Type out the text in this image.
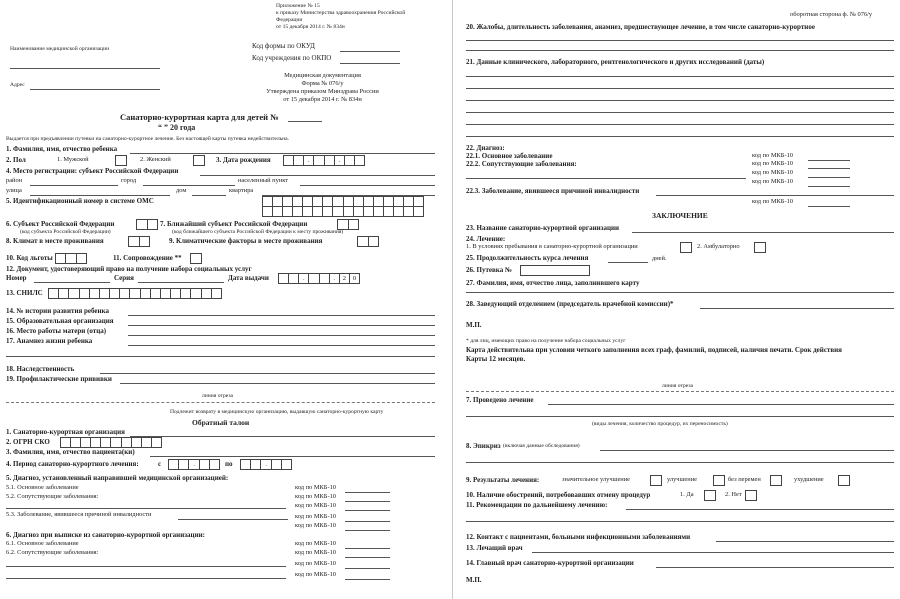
Приложение № 15
к приказу Министерства здравоохранения Российской
Федерации
от 15 декабря 2014 г. № 834н
Наименование медицинской организации
Адрес
Код формы по ОКУД
Код учреждения по ОКПО
Медицинская документация
Форма № 076/у
Утверждена приказом Минздрава России
от 15 декабря 2014 г. № 834н
Санаторно-курортная карта для детей №
“ ” 20 года
Выдается при предъявлении путевки на санаторно-курортное лечение. Без настоящей карты путевка недействительна.
1. Фамилия, имя, отчество ребенка
2. Пол	1. Мужской	2. Женский	3. Дата рождения	.	.
4. Место регистрации: субъект Российской Федерации
район	город	населенный пункт
улица	дом	квартира
5. Идентификационный номер в системе ОМС
6. Субъект Российской Федерации
(код субъекта Российской Федерации)
7. Ближайший субъект Российской Федерации
(код ближайшего субъекта Российской Федерации к месту проживания)
8. Климат в месте проживания	9. Климатические факторы в месте проживания
10. Код льготы	11. Сопровождение **
12. Документ, удостоверяющий право на получение набора социальных услуг
Номер	Серия	Дата выдачи	.	.	2	0
13. СНИЛС
14. № истории развития ребенка
15. Образовательная организация
16. Место работы матери (отца)
17. Анамнез жизни ребенка
18. Наследственность
19. Профилактические прививки
линия отреза
Подлежит возврату в медицинскую организацию, выдавшую санаторно-курортную карту
Обратный талон
1. Санаторно-курортная организация
2. ОГРН СКО
3. Фамилия, имя, отчество пациента(ки)
4. Период санаторно-курортного лечения:	с	.	по	.
5. Диагноз, установленный направившей медицинской организацией:
5.1. Основное заболевание	код по МКБ-10
5.2. Сопутствующие заболевания:	код по МКБ-10
код по МКБ-10
5.3. Заболевание, явившееся причиной инвалидности	код по МКБ-10
код по МКБ-10
6. Диагноз при выписке из санаторно-курортной организации:
6.1. Основное заболевание	код по МКБ-10
6.2. Сопутствующие заболевания:	код по МКБ-10
код по МКБ-10
код по МКБ-10
оборотная сторона ф. № 076/у
20. Жалобы, длительность заболевания, анамнез, предшествующее лечение, в том числе санаторно-курортное
21. Данные клинического, лабораторного, рентгенологического и других исследований (даты)
22. Диагноз:
22.1. Основное заболевание	код по МКБ-10
22.2. Сопутствующие заболевания:	код по МКБ-10
код по МКБ-10
код по МКБ-10
22.3. Заболевание, явившееся причиной инвалидности
код по МКБ-10
ЗАКЛЮЧЕНИЕ
23. Название санаторно-курортной организации
24. Лечение:
1. В условиях пребывания в санаторно-курортной организации	2. Амбулаторно
25. Продолжительность курса лечения	дней.
26. Путевка №
27. Фамилия, имя, отчество лица, заполнившего карту
28. Заведующий отделением (председатель врачебной комиссии)*
М.П.
* для лиц, имеющих право на получение набора социальных услуг
Карта действительна при условии четкого заполнения всех граф, фамилий, подписей, наличия печати. Срок действия
Карты 12 месяцев.
линия отреза
7. Проведено лечение
(виды лечения, количество процедур, их переносимость)
8. Эпикриз (включая данные обследования)
9. Результаты лечения:	значительное улучшение	улучшение	без перемен	ухудшение
10. Наличие обострений, потребовавших отмену процедур	1. Да	2. Нет
11. Рекомендации по дальнейшему лечению:
12. Контакт с пациентами, больными инфекционными заболеваниями
13. Лечащий врач
14. Главный врач санаторно-курортной организации
М.П.
